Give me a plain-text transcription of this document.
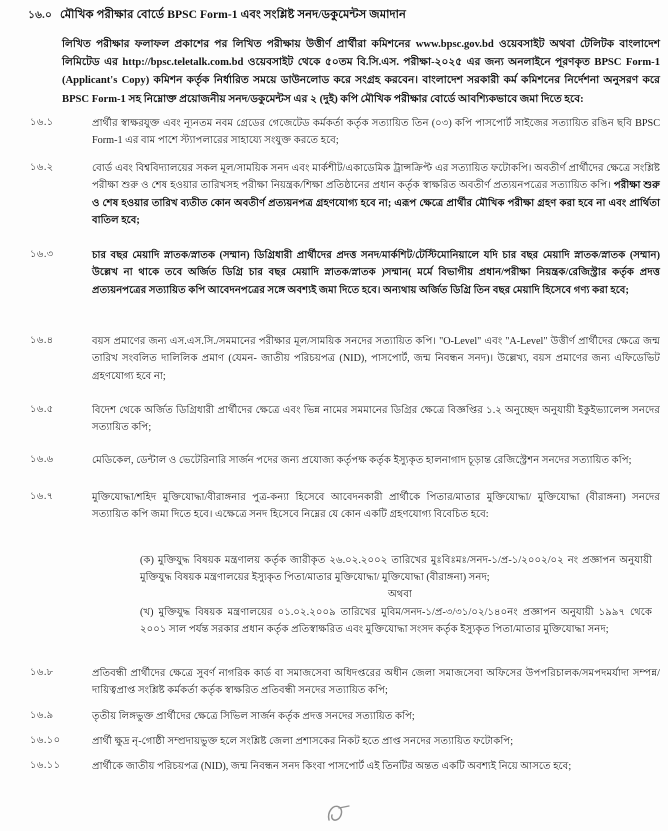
১৬.০ মৌখিক পরীক্ষার বোর্ডে BPSC Form-1 এবং সংশ্লিষ্ট সনদ/ডকুমেন্টস জমাদান
লিখিত পরীক্ষার ফলাফল প্রকাশের পর লিখিত পরীক্ষায় উত্তীর্ণ প্রার্থীরা কমিশনের www.bpsc.gov.bd ওয়েবসাইট অথবা টেলিটক বাংলাদেশ লিমিটেড এর http://bpsc.teletalk.com.bd ওয়েবসাইট থেকে ৫০তম বি.সি.এস. পরীক্ষা-২০২৫ এর জন্য অনলাইনে পূরণকৃত BPSC Form-1 (Applicant's Copy) কমিশন কর্তৃক নির্ধারিত সময়ে ডাউনলোড করে সংগ্রহ করবেন। বাংলাদেশ সরকারী কর্ম কমিশনের নির্দেশনা অনুসরণ করে BPSC Form-1 সহ নিম্নোক্ত প্রয়োজনীয় সনদ/ডকুমেন্টস এর ২ (দুই) কপি মৌখিক পরীক্ষার বোর্ডে আবশ্যিকভাবে জমা দিতে হবে:
১৬.১	প্রার্থীর স্বাক্ষরযুক্ত এবং ন্যূনতম নবম গ্রেডের গেজেটেড কর্মকর্তা কর্তৃক সত্যায়িত তিন (০৩) কপি পাসপোর্ট সাইজের সত্যায়িত রঙিন ছবি BPSC Form-1 এর বাম পাশে স্ট্যাপলারের সাহায্যে সংযুক্ত করতে হবে;
১৬.২	বোর্ড এবং বিশ্ববিদ্যালয়ের সকল মূল/সাময়িক সনদ এবং মার্কশীট/একাডেমিক ট্রান্সক্রিপ্ট এর সত্যায়িত ফটোকপি। অবতীর্ণ প্রার্থীদের ক্ষেত্রে সংশ্লিষ্ট পরীক্ষা শুরু ও শেষ হওয়ার তারিখসহ পরীক্ষা নিয়ন্ত্রক/শিক্ষা প্রতিষ্ঠানের প্রধান কর্তৃক স্বাক্ষরিত অবতীর্ণ প্রত্যয়নপত্রের সত্যায়িত কপি। পরীক্ষা শুরু ও শেষ হওয়ার তারিখ ব্যতীত কোন অবতীর্ণ প্রত্যয়নপত্র গ্রহণযোগ্য হবে না; এরূপ ক্ষেত্রে প্রার্থীর মৌখিক পরীক্ষা গ্রহণ করা হবে না এবং প্রার্থিতা বাতিল হবে;
১৬.৩	চার বছর মেয়াদি স্নাতক/স্নাতক (সম্মান) ডিগ্রিধারী প্রার্থীদের প্রদত্ত সনদ/মার্কশিট/টেস্টিমোনিয়ালে যদি চার বছর মেয়াদি স্নাতক/স্নাতক (সম্মান) উল্লেখ না থাকে তবে অর্জিত ডিগ্রি চার বছর মেয়াদি স্নাতক/স্নাতক )সম্মান( মর্মে বিভাগীয় প্রধান/পরীক্ষা নিয়ন্ত্রক/রেজিস্ট্রার কর্তৃক প্রদত্ত প্রত্যয়নপত্রের সত্যায়িত কপি আবেদনপত্রের সঙ্গে অবশ্যই জমা দিতে হবে। অন্যথায় অর্জিত ডিগ্রি তিন বছর মেয়াদি হিসেবে গণ্য করা হবে;
১৬.৪	বয়স প্রমাণের জন্য এস.এস.সি./সমমানের পরীক্ষার মূল/সাময়িক সনদের সত্যায়িত কপি। "O-Level" এবং "A-Level" উত্তীর্ণ প্রার্থীদের ক্ষেত্রে জন্ম তারিখ সংবলিত দালিলিক প্রমাণ (যেমন- জাতীয় পরিচয়পত্র (NID), পাসপোর্ট, জন্ম নিবন্ধন সনদ)। উল্লেখ্য, বয়স প্রমাণের জন্য এফিডেভিট গ্রহণযোগ্য হবে না;
১৬.৫	বিদেশ থেকে অর্জিত ডিগ্রিধারী প্রার্থীদের ক্ষেত্রে এবং ভিন্ন নামের সমমানের ডিগ্রির ক্ষেত্রে বিজ্ঞপ্তির ১.২ অনুচ্ছেদ অনুযায়ী ইকুইভ্যালেন্স সনদের সত্যায়িত কপি;
১৬.৬	মেডিকেল, ডেন্টাল ও ভেটেরিনারি সার্জন পদের জন্য প্রযোজ্য কর্তৃপক্ষ কর্তৃক ইস্যুকৃত হালনাগাদ চূড়ান্ত রেজিস্ট্রেশন সনদের সত্যায়িত কপি;
১৬.৭	মুক্তিযোদ্ধা/শহিদ মুক্তিযোদ্ধা/বীরাঙ্গনার পুত্র-কন্যা হিসেবে আবেদনকারী প্রার্থীকে পিতার/মাতার মুক্তিযোদ্ধা/ মুক্তিযোদ্ধা (বীরাঙ্গনা) সনদের সত্যায়িত কপি জমা দিতে হবে। এক্ষেত্রে সনদ হিসেবে নিম্নের যে কোন একটি গ্রহণযোগ্য বিবেচিত হবে:
(ক) মুক্তিযুদ্ধ বিষয়ক মন্ত্রণালয় কর্তৃক জারীকৃত ২৬.০২.২০০২ তারিখের মুঃবিঃমঃ/সনদ-১/প্র-১/২০০২/০২ নং প্রজ্ঞাপন অনুযায়ী মুক্তিযুদ্ধ বিষয়ক মন্ত্রণালয়ের ইস্যুকৃত পিতা/মাতার মুক্তিযোদ্ধা/ মুক্তিযোদ্ধা (বীরাঙ্গনা) সনদ;
অথবা
(খ) মুক্তিযুদ্ধ বিষয়ক মন্ত্রণালয়ের ০১.০২.২০০৯ তারিখের মুবিম/সনদ-১/প্র-৩/৩১/০২/১৪০নং প্রজ্ঞাপন অনুযায়ী ১৯৯৭ থেকে ২০০১ সাল পর্যন্ত সরকার প্রধান কর্তৃক প্রতিস্বাক্ষরিত এবং মুক্তিযোদ্ধা সংসদ কর্তৃক ইস্যুকৃত পিতা/মাতার মুক্তিযোদ্ধা সনদ;
১৬.৮	প্রতিবন্ধী প্রার্থীদের ক্ষেত্রে সুবর্ণ নাগরিক কার্ড বা সমাজসেবা অধিদপ্তরের অধীন জেলা সমাজসেবা অফিসের উপপরিচালক/সমপদমর্যাদা সম্পন্ন/দায়িত্বপ্রাপ্ত সংশ্লিষ্ট কর্মকর্তা কর্তৃক স্বাক্ষরিত প্রতিবন্ধী সনদের সত্যায়িত কপি;
১৬.৯	তৃতীয় লিঙ্গভুক্ত প্রার্থীদের ক্ষেত্রে সিভিল সার্জন কর্তৃক প্রদত্ত সনদের সত্যায়িত কপি;
১৬.১০	প্রার্থী ক্ষুদ্র নৃ-গোষ্ঠী সম্প্রদায়ভুক্ত হলে সংশ্লিষ্ট জেলা প্রশাসকের নিকট হতে প্রাপ্ত সনদের সত্যায়িত ফটোকপি;
১৬.১১	প্রার্থীকে জাতীয় পরিচয়পত্র (NID), জন্ম নিবন্ধন সনদ কিংবা পাসপোর্ট এই তিনটির অন্তত একটি অবশ্যই নিয়ে আসতে হবে;
